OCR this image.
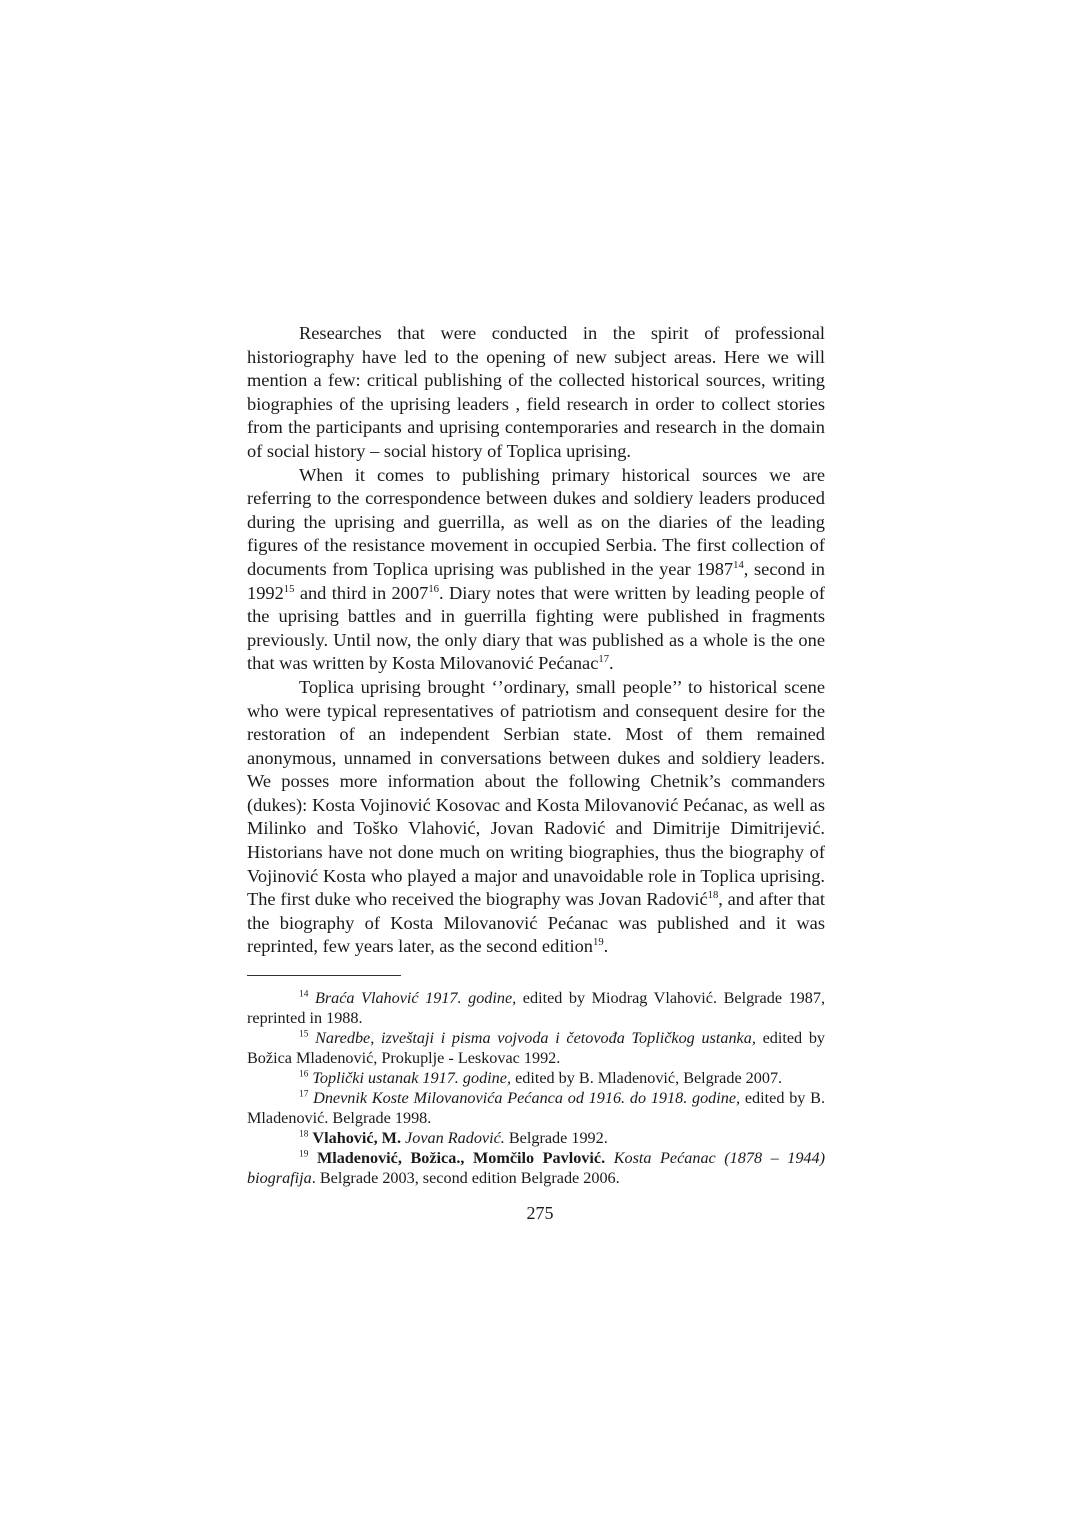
Researches that were conducted in the spirit of professional historiography have led to the opening of new subject areas. Here we will mention a few: critical publishing of the collected historical sources, writing biographies of the uprising leaders , field research in order to collect stories from the participants and uprising contemporaries and research in the domain of social history – social history of Toplica uprising.

When it comes to publishing primary historical sources we are referring to the correspondence between dukes and soldiery leaders produced during the uprising and guerrilla, as well as on the diaries of the leading figures of the resistance movement in occupied Serbia. The first collection of documents from Toplica uprising was published in the year 1987$^{14}$, second in 1992$^{15}$ and third in 2007$^{16}$. Diary notes that were written by leading people of the uprising battles and in guerrilla fighting were published in fragments previously. Until now, the only diary that was published as a whole is the one that was written by Kosta Milovanović Pećanac$^{17}$.

Toplica uprising brought ‘’ordinary, small people’’ to historical scene who were typical representatives of patriotism and consequent desire for the restoration of an independent Serbian state. Most of them remained anonymous, unnamed in conversations between dukes and soldiery leaders. We posses more information about the following Chetnik’s commanders (dukes): Kosta Vojinović Kosovac and Kosta Milovanović Pećanac, as well as Milinko and Toško Vlahović, Jovan Radović and Dimitrije Dimitrijević. Historians have not done much on writing biographies, thus the biography of Vojinović Kosta who played a major and unavoidable role in Toplica uprising. The first duke who received the biography was Jovan Radović$^{18}$, and after that the biography of Kosta Milovanović Pećanac was published and it was reprinted, few years later, as the second edition$^{19}$.

$^{14}$ Braća Vlahović 1917. godine, edited by Miodrag Vlahović. Belgrade 1987, reprinted in 1988.

$^{15}$ Naredbe, izveštaji i pisma vojvoda i četovođa Topličkog ustanka, edited by Božica Mladenović, Prokuplje - Leskovac 1992.

$^{16}$ Toplički ustanak 1917. godine, edited by B. Mladenović, Belgrade 2007.

$^{17}$ Dnevnik Koste Milovanovića Pećanca od 1916. do 1918. godine, edited by B. Mladenović. Belgrade 1998.

$^{18}$ Vlahović, M. Jovan Radović. Belgrade 1992.

$^{19}$ Mladenović, Božica., Momčilo Pavlović. Kosta Pećanac (1878 – 1944) biografija. Belgrade 2003, second edition Belgrade 2006.

275
